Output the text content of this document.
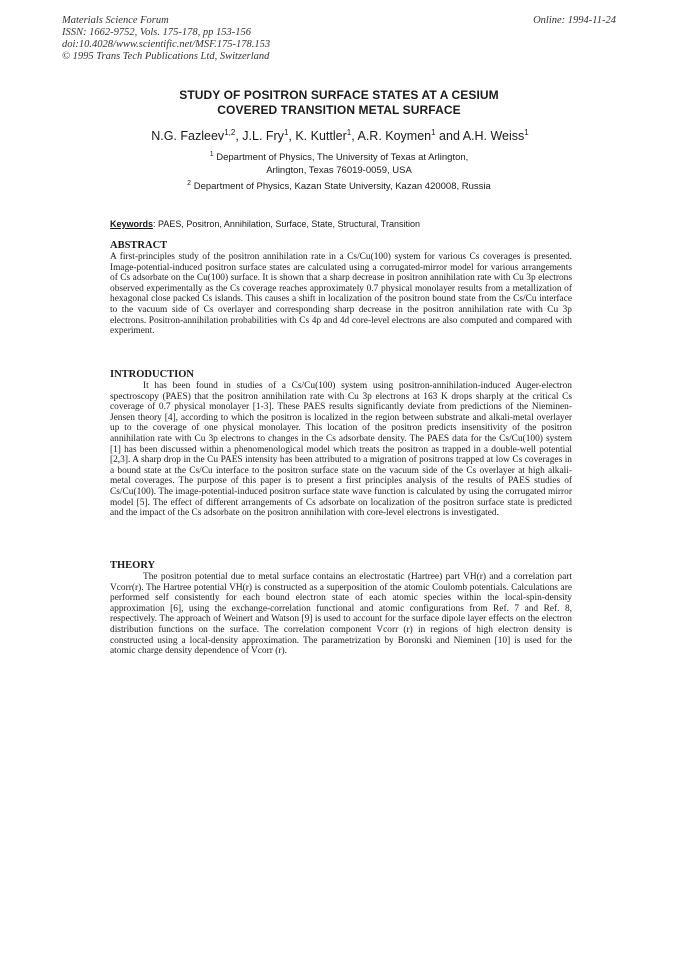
Materials Science Forum
ISSN: 1662-9752, Vols. 175-178, pp 153-156
doi:10.4028/www.scientific.net/MSF.175-178.153
© 1995 Trans Tech Publications Ltd, Switzerland
Online: 1994-11-24
STUDY OF POSITRON SURFACE STATES AT A CESIUM
COVERED TRANSITION METAL SURFACE
N.G. Fazleev$^{1,2}$, J.L. Fry$^1$, K. Kuttler$^1$, A.R. Koymen$^1$ and A.H. Weiss$^1$
$^1$ Department of Physics, The University of Texas at Arlington,
Arlington, Texas 76019-0059, USA
$^2$ Department of Physics, Kazan State University, Kazan 420008, Russia
Keywords: PAES, Positron, Annihilation, Surface, State, Structural, Transition

ABSTRACT

A first-principles study of the positron annihilation rate in a Cs/Cu(100) system for various Cs coverages is presented. Image-potential-induced positron surface states are calculated using a corrugated-mirror model for various arrangements of Cs adsorbate on the Cu(100) surface. It is shown that a sharp decrease in positron annihilation rate with Cu 3p electrons observed experimentally as the Cs coverage reaches approximately 0.7 physical monolayer results from a metallization of hexagonal close packed Cs islands. This causes a shift in localization of the positron bound state from the Cs/Cu interface to the vacuum side of Cs overlayer and corresponding sharp decrease in the positron annihilation rate with Cu 3p electrons. Positron-annihilation probabilities with Cs 4p and 4d core-level electrons are also computed and compared with experiment.

INTRODUCTION

It has been found in studies of a Cs/Cu(100) system using positron-annihilation-induced Auger-electron spectroscopy (PAES) that the positron annihilation rate with Cu 3p electrons at 163 K drops sharply at the critical Cs coverage of 0.7 physical monolayer [1-3]. These PAES results significantly deviate from predictions of the Nieminen-Jensen theory [4], according to which the positron is localized in the region between substrate and alkali-metal overlayer up to the coverage of one physical monolayer. This location of the positron predicts insensitivity of the positron annihilation rate with Cu 3p electrons to changes in the Cs adsorbate density. The PAES data for the Cs/Cu(100) system [1] has been discussed within a phenomenological model which treats the positron as trapped in a double-well potential [2,3]. A sharp drop in the Cu PAES intensity has been attributed to a migration of positrons trapped at low Cs coverages in a bound state at the Cs/Cu interface to the positron surface state on the vacuum side of the Cs overlayer at high alkali-metal coverages. The purpose of this paper is to present a first principles analysis of the results of PAES studies of Cs/Cu(100). The image-potential-induced positron surface state wave function is calculated by using the corrugated mirror model [5]. The effect of different arrangements of Cs adsorbate on localization of the positron surface state is predicted and the impact of the Cs adsorbate on the positron annihilation with core-level electrons is investigated.

THEORY

The positron potential due to metal surface contains an electrostatic (Hartree) part VH(r) and a correlation part Vcorr(r). The Hartree potential VH(r) is constructed as a superposition of the atomic Coulomb potentials. Calculations are performed self consistently for each bound electron state of each atomic species within the local-spin-density approximation [6], using the exchange-correlation functional and atomic configurations from Ref. 7 and Ref. 8, respectively. The approach of Weinert and Watson [9] is used to account for the surface dipole layer effects on the electron distribution functions on the surface. The correlation component Vcorr (r) in regions of high electron density is constructed using a local-density approximation. The parametrization by Boronski and Nieminen [10] is used for the atomic charge density dependence of Vcorr (r).
